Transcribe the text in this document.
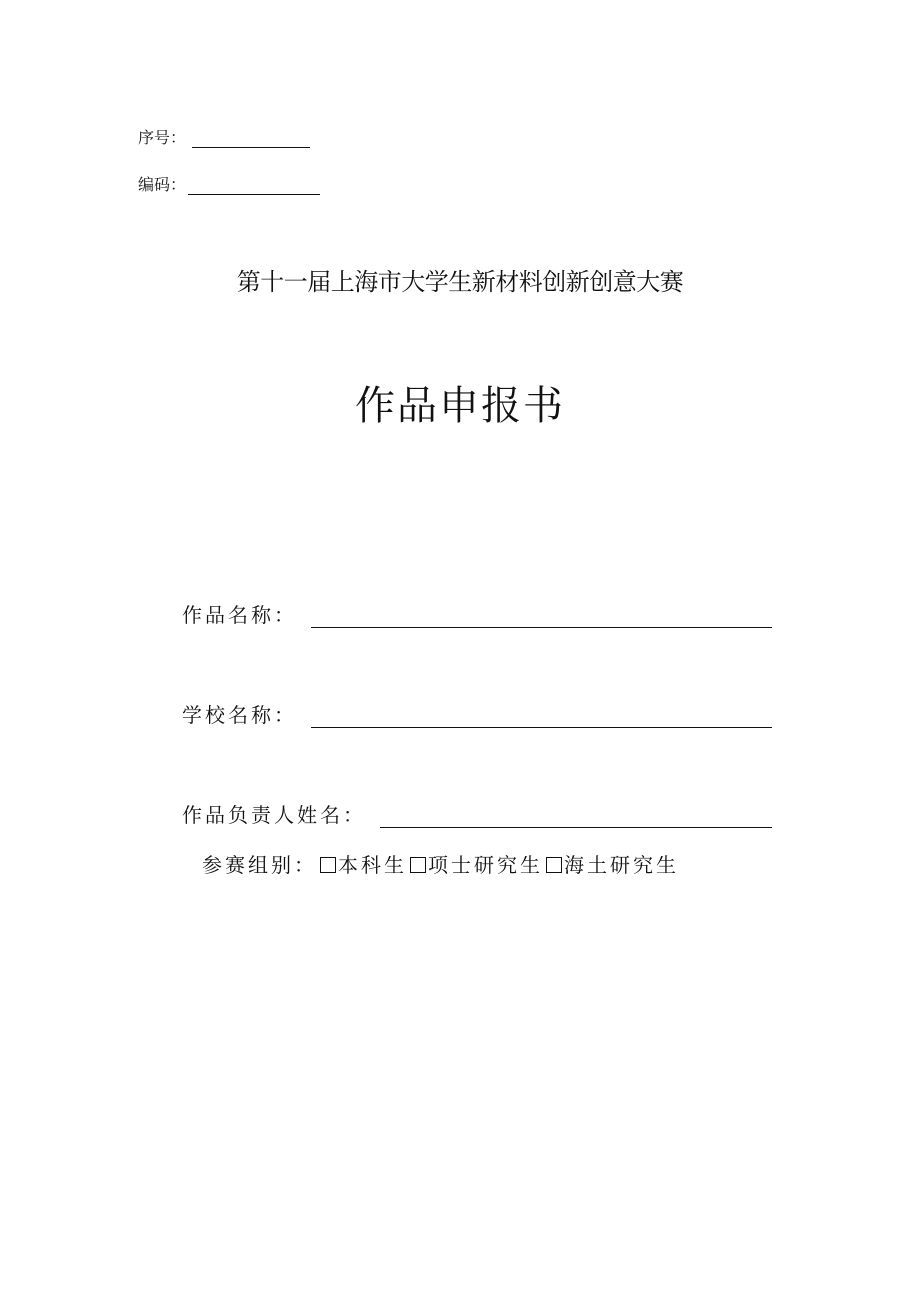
序号：
编码：
第十一届上海市大学生新材料创新创意大赛
作品申报书
作品名称：
学校名称：
作品负责人姓名：
参赛组别： 本科生 项士研究生 海土研究生
